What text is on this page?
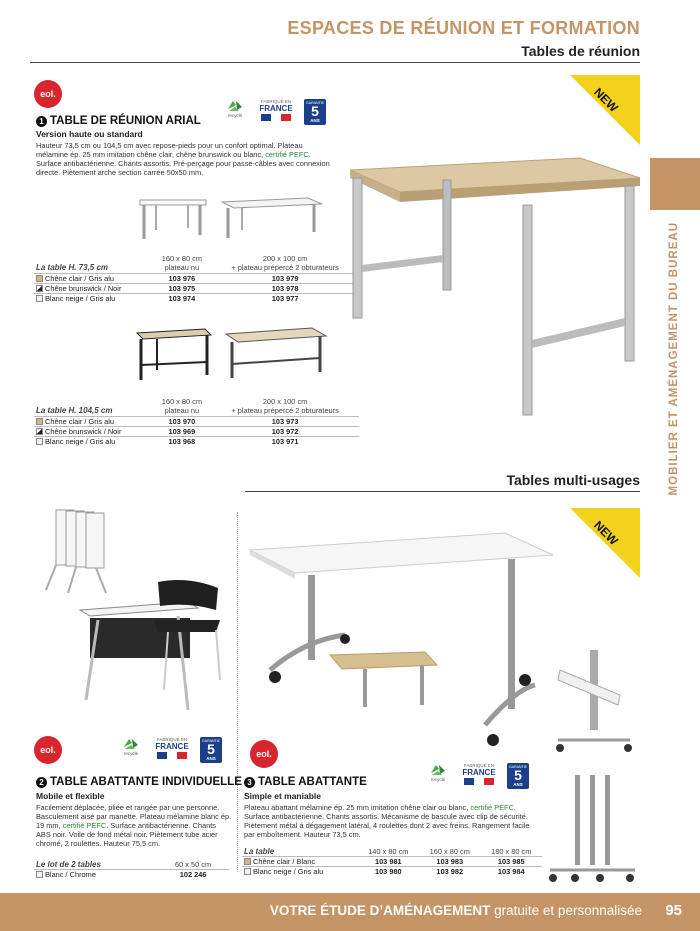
ESPACES DE RÉUNION ET FORMATION
Tables de réunion
MOBILIER ET AMÉNAGEMENT DU BUREAU
NEW
NEW
eol.
recyclé
FABRIQUÉ EN
FRANCE
GARANTIE
5
ANS
1 TABLE DE RÉUNION ARIAL
Version haute ou standard
Hauteur 73,5 cm ou 104,5 cm avec repose-pieds pour un confort optimal. Plateau mélamine ép. 25 mm imitation chêne clair, chêne brunswick ou blanc, certifié PEFC. Surface antibactérienne. Chants assortis. Pré-perçage pour passe-câbles avec connexion directe. Piètement arche section carrée 50x50 mm.
	160 x 80 cm	200 x 100 cm
La table H. 73,5 cm	plateau nu	+ plateau prépercé 2 obturateurs
Chêne clair / Gris alu	103 976	103 979
Chêne brunswick / Noir	103 975	103 978
Blanc neige / Gris alu	103 974	103 977
	160 x 80 cm	200 x 100 cm
La table H. 104,5 cm	plateau nu	+ plateau prépercé 2 obturateurs
Chêne clair / Gris alu	103 970	103 973
Chêne brunswick / Noir	103 969	103 972
Blanc neige / Gris alu	103 968	103 971
Tables multi-usages
eol.	recyclé
FABRIQUÉ EN
FRANCE
GARANTIE
5
ANS
2 TABLE ABATTANTE INDIVIDUELLE
Mobile et flexible
Facilement déplacée, pliée et rangée par une personne. Basculement aisé par manette. Plateau mélamine blanc ép. 19 mm, certifié PEFC. Surface antibactérienne. Chants ABS noir. Voile de fond métal noir. Piètement tube acier chromé, 2 roulettes. Hauteur 75,5 cm.
Le lot de 2 tables	60 x 50 cm
Blanc / Chrome	102 246
eol.
recyclé
FABRIQUÉ EN
FRANCE
GARANTIE
5
ANS
3 TABLE ABATTANTE
Simple et maniable
Plateau abattant mélamine ép. 25 mm imitation chêne clair ou blanc, certifié PEFC. Surface antibactérienne. Chants assortis. Mécanisme de bascule avec clip de sécurité. Piètement métal à dégagement latéral, 4 roulettes dont 2 avec freins. Rangement facile par emboîtement. Hauteur 73,5 cm.
La table	140 x 80 cm	160 x 80 cm	180 x 80 cm
Chêne clair / Blanc	103 981	103 983	103 985
Blanc neige / Gris alu	103 980	103 982	103 984
VOTRE ÉTUDE D’AMÉNAGEMENT gratuite et personnalisée 95
